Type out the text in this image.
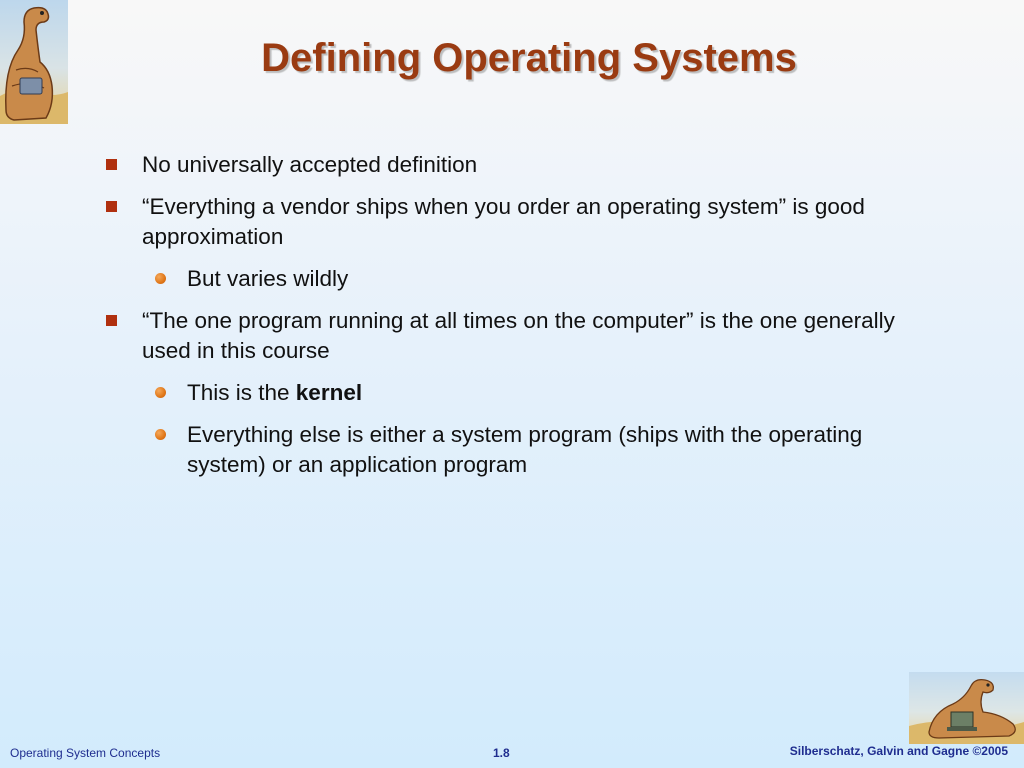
Defining Operating Systems

No universally accepted definition

“Everything a vendor ships when you order an operating system” is good approximation

But varies wildly

“The one program running at all times on the computer” is the one generally used in this course

This is the kernel

Everything else is either a system program (ships with the operating system) or an application program

Operating System Concepts	1.8	Silberschatz, Galvin and Gagne ©2005
